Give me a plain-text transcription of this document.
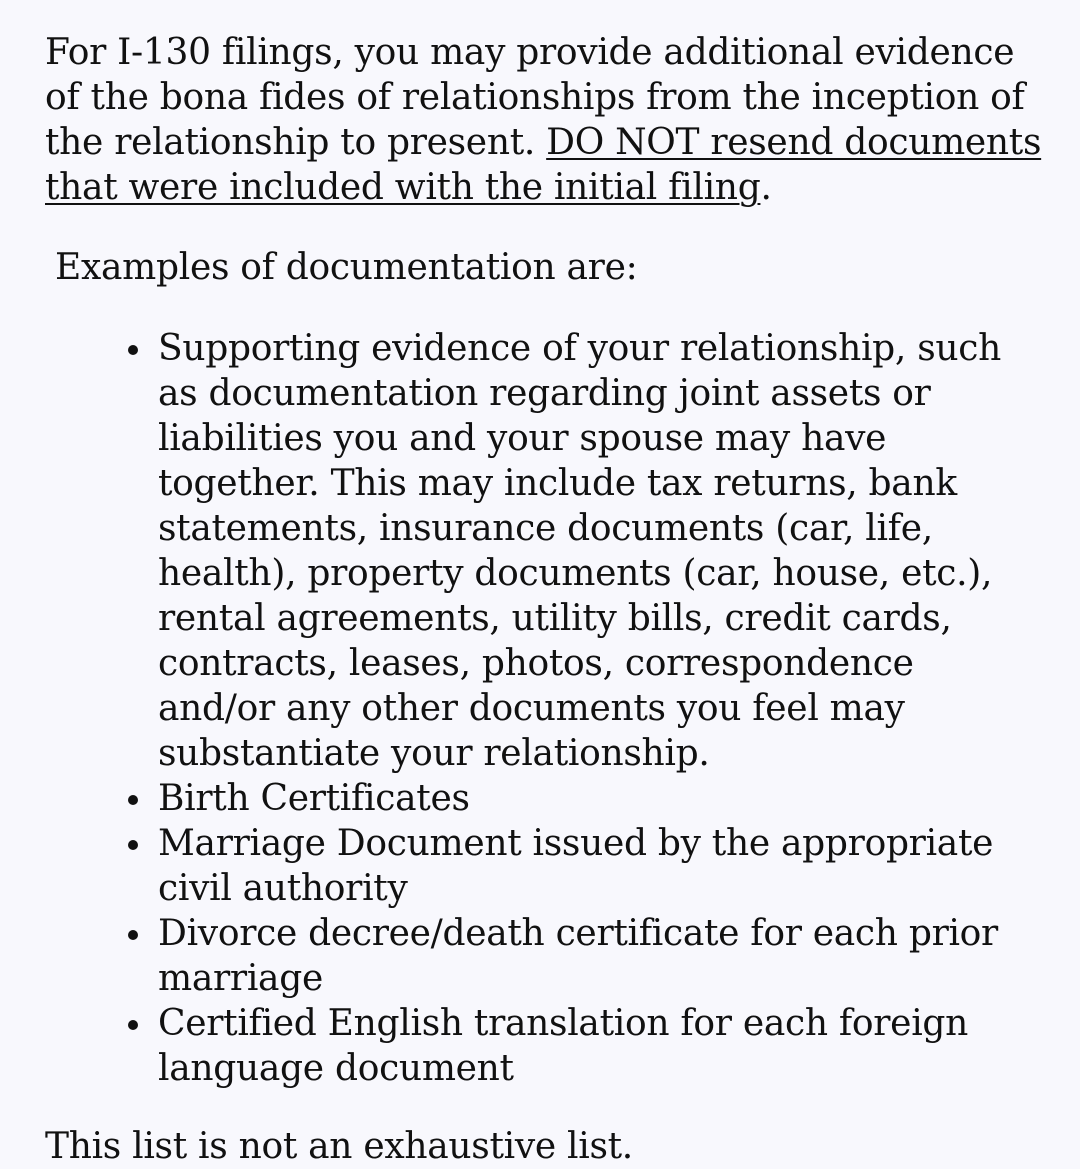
For I-130 filings, you may provide additional evidence of the bona fides of relationships from the inception of the relationship to present. DO NOT resend documents that were included with the initial filing.

Examples of documentation are:

Supporting evidence of your relationship, such as documentation regarding joint assets or liabilities you and your spouse may have together. This may include tax returns, bank statements, insurance documents (car, life, health), property documents (car, house, etc.), rental agreements, utility bills, credit cards, contracts, leases, photos, correspondence and/or any other documents you feel may substantiate your relationship.
Birth Certificates
Marriage Document issued by the appropriate civil authority
Divorce decree/death certificate for each prior marriage
Certified English translation for each foreign language document

This list is not an exhaustive list.
